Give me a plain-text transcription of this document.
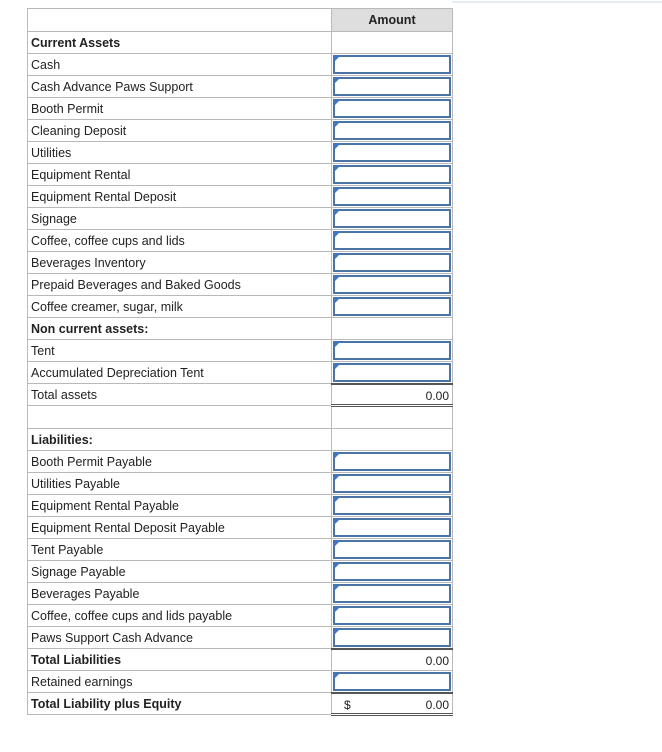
	Amount
Current Assets	
Cash	

Cash Advance Paws Support	

Booth Permit	

Cleaning Deposit	

Utilities	

Equipment Rental	

Equipment Rental Deposit	

Signage	

Coffee, coffee cups and lids	

Beverages Inventory	

Prepaid Beverages and Baked Goods	

Coffee creamer, sugar, milk	

Non current assets:	
Tent	

Accumulated Depreciation Tent	

Total assets	0.00

Liabilities:	
Booth Permit Payable	

Utilities Payable	

Equipment Rental Payable	

Equipment Rental Deposit Payable	

Tent Payable	

Signage Payable	

Beverages Payable	

Coffee, coffee cups and lids payable	

Paws Support Cash Advance	

Total Liabilities	0.00

Retained earnings	

Total Liability plus Equity	$ 0.00
